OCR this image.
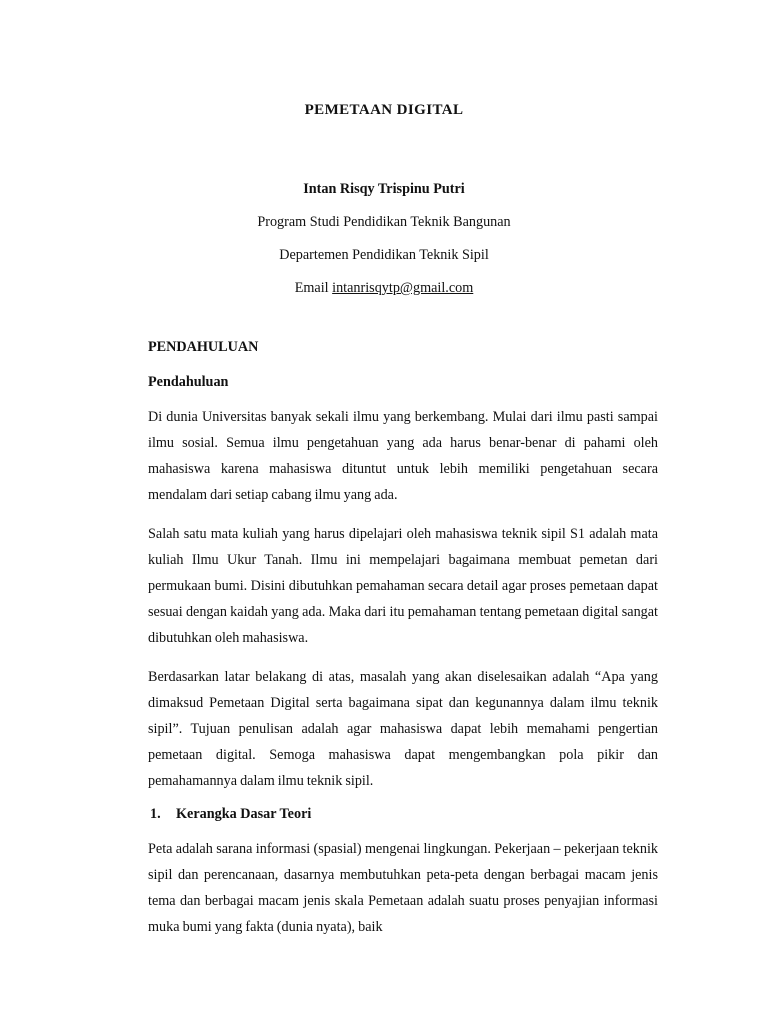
PEMETAAN DIGITAL

Intan Risqy Trispinu Putri

Program Studi Pendidikan Teknik Bangunan

Departemen Pendidikan Teknik Sipil

Email intanrisqytp@gmail.com

PENDAHULUAN
Pendahuluan

Di dunia Universitas banyak sekali ilmu yang berkembang. Mulai dari ilmu pasti sampai ilmu sosial. Semua ilmu pengetahuan yang ada harus benar-benar di pahami oleh mahasiswa karena mahasiswa dituntut untuk lebih memiliki pengetahuan secara mendalam dari setiap cabang ilmu yang ada.

Salah satu mata kuliah yang harus dipelajari oleh mahasiswa teknik sipil S1 adalah mata kuliah Ilmu Ukur Tanah. Ilmu ini mempelajari bagaimana membuat pemetan dari permukaan bumi. Disini dibutuhkan pemahaman secara detail agar proses pemetaan dapat sesuai dengan kaidah yang ada. Maka dari itu pemahaman tentang pemetaan digital sangat dibutuhkan oleh mahasiswa.

Berdasarkan latar belakang di atas, masalah yang akan diselesaikan adalah “Apa yang dimaksud Pemetaan Digital serta bagaimana sipat dan kegunannya dalam ilmu teknik sipil”. Tujuan penulisan adalah agar mahasiswa dapat lebih memahami pengertian pemetaan digital. Semoga mahasiswa dapat mengembangkan pola pikir dan pemahamannya dalam ilmu teknik sipil.

1. Kerangka Dasar Teori

Peta adalah sarana informasi (spasial) mengenai lingkungan. Pekerjaan – pekerjaan teknik sipil dan perencanaan, dasarnya membutuhkan peta-peta dengan berbagai macam jenis tema dan berbagai macam jenis skala Pemetaan adalah suatu proses penyajian informasi muka bumi yang fakta (dunia nyata), baik
